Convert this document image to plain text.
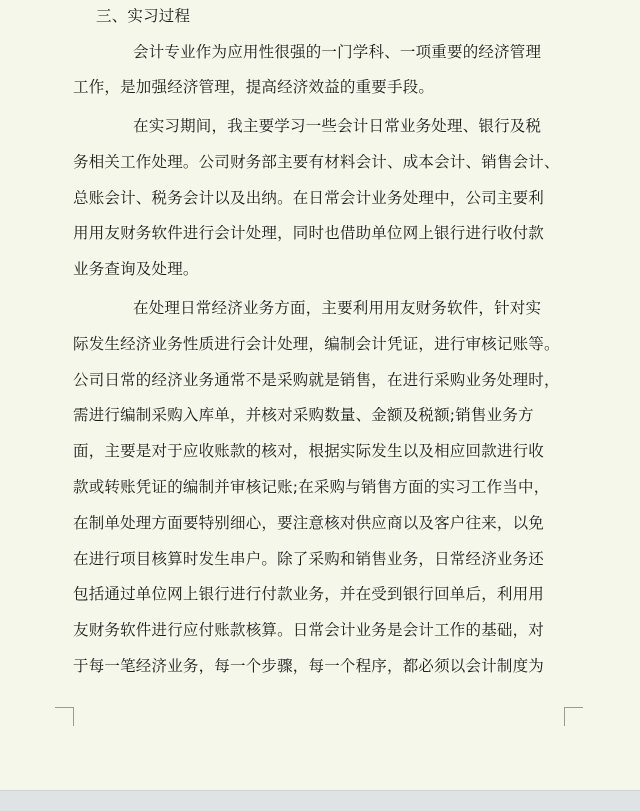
三、实习过程
会计专业作为应用性很强的一门学科、一项重要的经济管理
工作，是加强经济管理，提高经济效益的重要手段。
在实习期间，我主要学习一些会计日常业务处理、银行及税
务相关工作处理。公司财务部主要有材料会计、成本会计、销售会计、
总账会计、税务会计以及出纳。在日常会计业务处理中，公司主要利
用用友财务软件进行会计处理，同时也借助单位网上银行进行收付款
业务查询及处理。
在处理日常经济业务方面，主要利用用友财务软件，针对实
际发生经济业务性质进行会计处理，编制会计凭证，进行审核记账等。
公司日常的经济业务通常不是采购就是销售，在进行采购业务处理时，
需进行编制采购入库单，并核对采购数量、金额及税额;销售业务方
面，主要是对于应收账款的核对，根据实际发生以及相应回款进行收
款或转账凭证的编制并审核记账;在采购与销售方面的实习工作当中，
在制单处理方面要特别细心，要注意核对供应商以及客户往来，以免
在进行项目核算时发生串户。除了采购和销售业务，日常经济业务还
包括通过单位网上银行进行付款业务，并在受到银行回单后，利用用
友财务软件进行应付账款核算。日常会计业务是会计工作的基础，对
于每一笔经济业务，每一个步骤，每一个程序，都必须以会计制度为
